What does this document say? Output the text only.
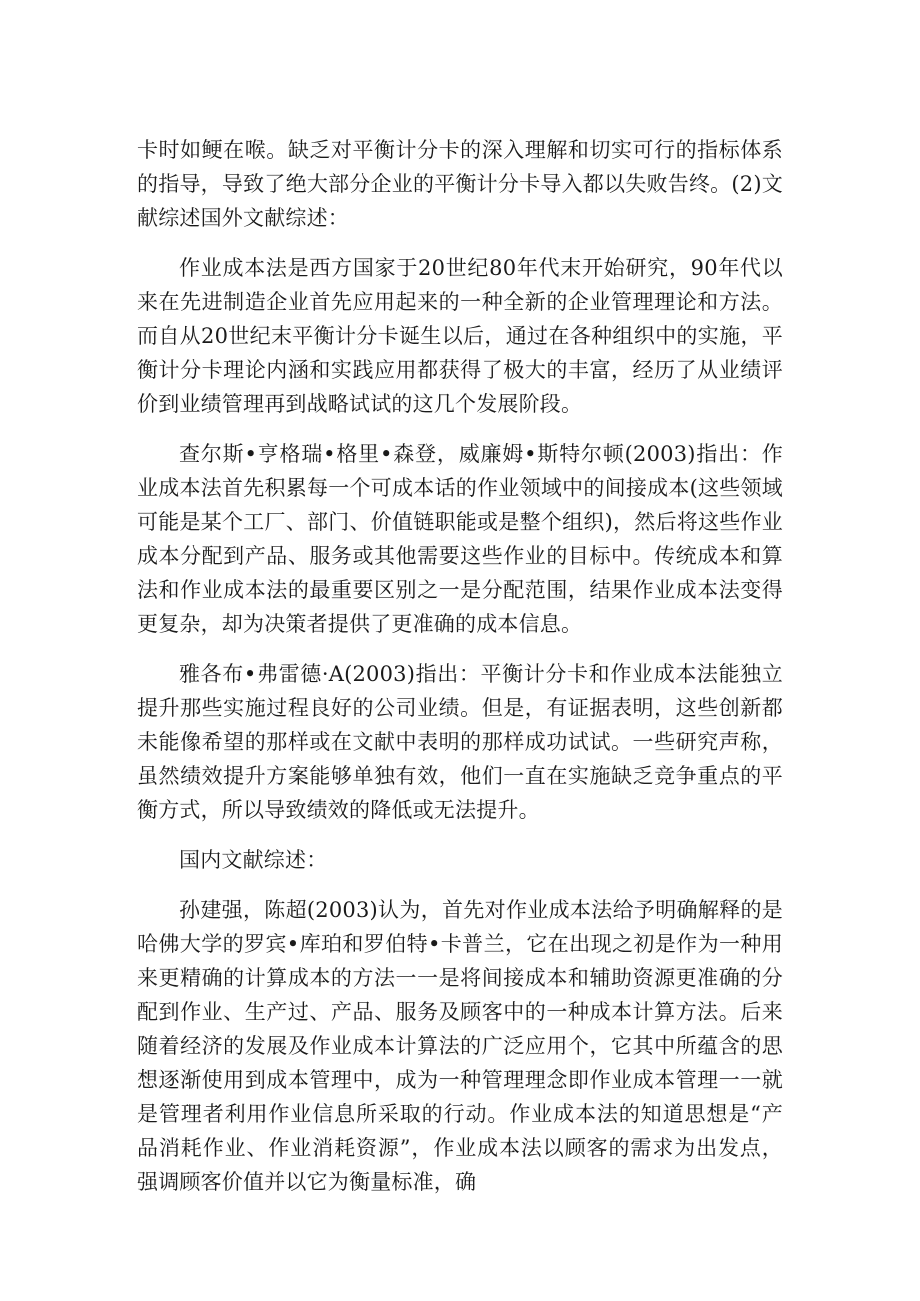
卡时如鲠在喉。缺乏对平衡计分卡的深入理解和切实可行的指标体系的指导，导致了绝大部分企业的平衡计分卡导入都以失败告终。(2)文献综述国外文献综述：

作业成本法是西方国家于20世纪80年代末开始研究，90年代以来在先进制造企业首先应用起来的一种全新的企业管理理论和方法。而自从20世纪末平衡计分卡诞生以后，通过在各种组织中的实施，平衡计分卡理论内涵和实践应用都获得了极大的丰富，经历了从业绩评价到业绩管理再到战略试试的这几个发展阶段。

查尔斯•亨格瑞•格里•森登，威廉姆•斯特尔顿(2003)指出：作业成本法首先积累每一个可成本话的作业领域中的间接成本(这些领域可能是某个工厂、部门、价值链职能或是整个组织)，然后将这些作业成本分配到产品、服务或其他需要这些作业的目标中。传统成本和算法和作业成本法的最重要区别之一是分配范围，结果作业成本法变得更复杂，却为决策者提供了更准确的成本信息。

雅各布•弗雷德·A(2003)指出：平衡计分卡和作业成本法能独立提升那些实施过程良好的公司业绩。但是，有证据表明，这些创新都未能像希望的那样或在文献中表明的那样成功试试。一些研究声称，虽然绩效提升方案能够单独有效，他们一直在实施缺乏竞争重点的平衡方式，所以导致绩效的降低或无法提升。

国内文献综述：

孙建强，陈超(2003)认为，首先对作业成本法给予明确解释的是哈佛大学的罗宾•库珀和罗伯特•卡普兰，它在出现之初是作为一种用来更精确的计算成本的方法一一是将间接成本和辅助资源更准确的分配到作业、生产过、产品、服务及顾客中的一种成本计算方法。后来随着经济的发展及作业成本计算法的广泛应用个，它其中所蕴含的思想逐渐使用到成本管理中，成为一种管理理念即作业成本管理一一就是管理者利用作业信息所采取的行动。作业成本法的知道思想是“产品消耗作业、作业消耗资源”，作业成本法以顾客的需求为出发点，强调顾客价值并以它为衡量标准，确
